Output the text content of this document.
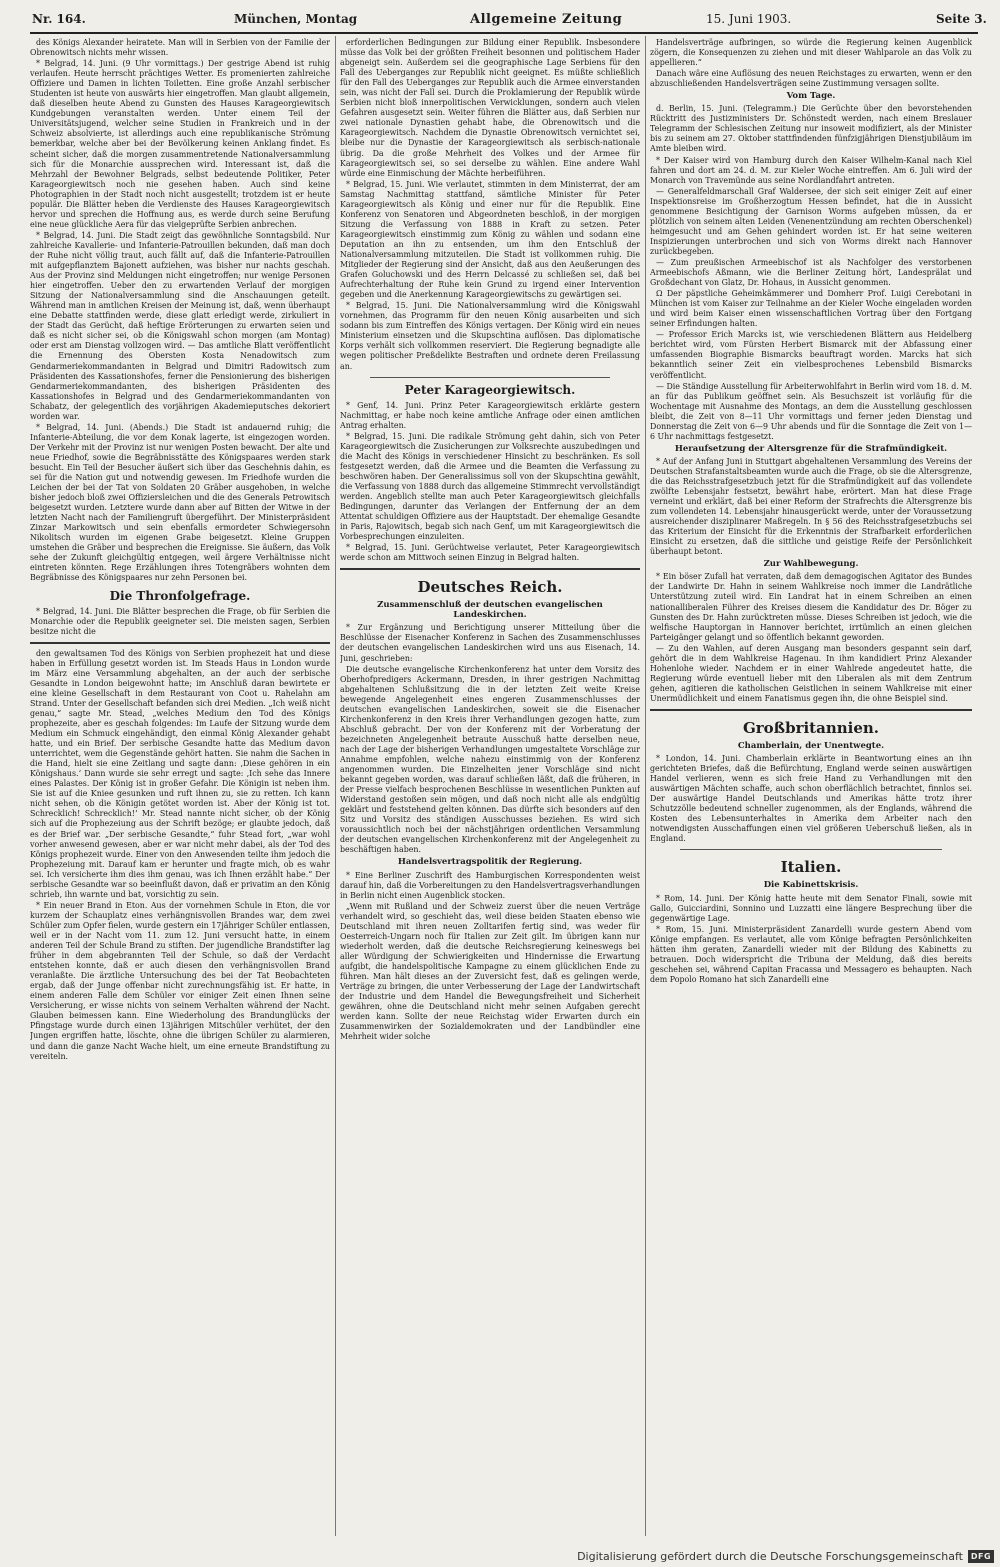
Nr. 164.	München, Montag	Allgemeine Zeitung	15. Juni 1903.	Seite 3.

des Königs Alexander heiratete. Man will in Serbien von der Familie der Obrenowitsch nichts mehr wissen.

* Belgrad, 14. Juni. (9 Uhr vormittags.) Der gestrige Abend ist ruhig verlaufen. Heute herrscht prächtiges Wetter. Es promenierten zahlreiche Offiziere und Damen in lichten Toiletten. Eine große Anzahl serbischer Studenten ist heute von auswärts hier eingetroffen. Man glaubt allgemein, daß dieselben heute Abend zu Gunsten des Hauses Karageorgiewitsch Kundgebungen veranstalten werden. Unter einem Teil der Universitätsjugend, welcher seine Studien in Frankreich und in der Schweiz absolvierte, ist allerdings auch eine republikanische Strömung bemerkbar, welche aber bei der Bevölkerung keinen Anklang findet. Es scheint sicher, daß die morgen zusammentretende Nationalversammlung sich für die Monarchie aussprechen wird. Interessant ist, daß die Mehrzahl der Bewohner Belgrads, selbst bedeutende Politiker, Peter Karageorgiewitsch noch nie gesehen haben. Auch sind keine Photographien in der Stadt noch nicht ausgestellt; trotzdem ist er heute populär. Die Blätter heben die Verdienste des Hauses Karageorgiewitsch hervor und sprechen die Hoffnung aus, es werde durch seine Berufung eine neue glückliche Aera für das vielgeprüfte Serbien anbrechen.

* Belgrad, 14. Juni. Die Stadt zeigt das gewöhnliche Sonntagsbild. Nur zahlreiche Kavallerie- und Infanterie-Patrouillen bekunden, daß man doch der Ruhe nicht völlig traut, auch fällt auf, daß die Infanterie-Patrouillen mit aufgepflanztem Bajonett aufziehen, was bisher nur nachts geschah. Aus der Provinz sind Meldungen nicht eingetroffen; nur wenige Personen hier eingetroffen. Ueber den zu erwartenden Verlauf der morgigen Sitzung der Nationalversammlung sind die Anschauungen geteilt. Während man in amtlichen Kreisen der Meinung ist, daß, wenn überhaupt eine Debatte stattfinden werde, diese glatt erledigt werde, zirkuliert in der Stadt das Gerücht, daß heftige Erörterungen zu erwarten seien und daß es nicht sicher sei, ob die Königswahl schon morgen (am Montag) oder erst am Dienstag vollzogen wird. — Das amtliche Blatt veröffentlicht die Ernennung des Obersten Kosta Nenadowitsch zum Gendarmeriekommandanten in Belgrad und Dimitri Radowitsch zum Präsidenten des Kassationshofes, ferner die Pensionierung des bisherigen Gendarmeriekommandanten, des bisherigen Präsidenten des Kassationshofes in Belgrad und des Gendarmeriekommandanten von Schabatz, der gelegentlich des vorjährigen Akademieputsches dekoriert worden war.

* Belgrad, 14. Juni. (Abends.) Die Stadt ist andauernd ruhig; die Infanterie-Abteilung, die vor dem Konak lagerte, ist eingezogen worden. Der Verkehr mit der Provinz ist nur wenigen Posten bewacht. Der alte und neue Friedhof, sowie die Begräbnisstätte des Königspaares werden stark besucht. Ein Teil der Besucher äußert sich über das Geschehnis dahin, es sei für die Nation gut und notwendig gewesen. Im Friedhofe wurden die Leichen der bei der Tat von Soldaten 20 Gräber ausgehoben, in welche bisher jedoch bloß zwei Offiziersleichen und die des Generals Petrowitsch beigesetzt wurden. Letztere wurde dann aber auf Bitten der Witwe in der letzten Nacht nach der Familiengruft übergeführt. Der Ministerpräsident Zinzar Markowitsch und sein ebenfalls ermordeter Schwiegersohn Nikolitsch wurden im eigenen Grabe beigesetzt. Kleine Gruppen umstehen die Gräber und besprechen die Ereignisse. Sie äußern, das Volk sehe der Zukunft gleichgültig entgegen, weil ärgere Verhältnisse nicht eintreten könnten. Rege Erzählungen ihres Totengräbers wohnten dem Begräbnisse des Königspaares nur zehn Personen bei.

Die Thronfolgefrage.

* Belgrad, 14. Juni. Die Blätter besprechen die Frage, ob für Serbien die Monarchie oder die Republik geeigneter sei. Die meisten sagen, Serbien besitze nicht die

den gewaltsamen Tod des Königs von Serbien prophezeit hat und diese haben in Erfüllung gesetzt worden ist. Im Steads Haus in London wurde im März eine Versammlung abgehalten, an der auch der serbische Gesandte in London beigewohnt hatte; im Anschluß daran bewirtete er eine kleine Gesellschaft in dem Restaurant von Coot u. Rahelahn am Strand. Unter der Gesellschaft befanden sich drei Medien. „Ich weiß nicht genau,“ sagte Mr. Stead, „welches Medium den Tod des Königs prophezeite, aber es geschah folgendes: Im Laufe der Sitzung wurde dem Medium ein Schmuck eingehändigt, den einmal König Alexander gehabt hatte, und ein Brief. Der serbische Gesandte hatte das Medium davon unterrichtet, wem die Gegenstände gehört hatten. Sie nahm die Sachen in die Hand, hielt sie eine Zeitlang und sagte dann: ‚Diese gehören in ein Königshaus.‘ Dann wurde sie sehr erregt und sagte: ‚Ich sehe das Innere eines Palastes. Der König ist in großer Gefahr. Die Königin ist neben ihm. Sie ist auf die Kniee gesunken und ruft ihnen zu, sie zu retten. Ich kann nicht sehen, ob die Königin getötet worden ist. Aber der König ist tot. Schrecklich! Schrecklich!‘ Mr. Stead nannte nicht sicher, ob der König sich auf die Prophezeiung aus der Schrift bezöge; er glaubte jedoch, daß es der Brief war. „Der serbische Gesandte,“ fuhr Stead fort, „war wohl vorher anwesend gewesen, aber er war nicht mehr dabei, als der Tod des Königs prophezeit wurde. Einer von den Anwesenden teilte ihm jedoch die Prophezeiung mit. Darauf kam er herunter und fragte mich, ob es wahr sei. Ich versicherte ihm dies ihm genau, was ich Ihnen erzählt habe.“ Der serbische Gesandte war so beeinflußt davon, daß er privatim an den König schrieb, ihn warnte und bat, vorsichtig zu sein.

* Ein neuer Brand in Eton. Aus der vornehmen Schule in Eton, die vor kurzem der Schauplatz eines verhängnisvollen Brandes war, dem zwei Schüler zum Opfer fielen, wurde gestern ein 17jähriger Schüler entlassen, weil er in der Nacht vom 11. zum 12. Juni versucht hatte, in einem anderen Teil der Schule Brand zu stiften. Der jugendliche Brandstifter lag früher in dem abgebrannten Teil der Schule, so daß der Verdacht entstehen konnte, daß er auch diesen den verhängnisvollen Brand veranlaßte. Die ärztliche Untersuchung des bei der Tat Beobachteten ergab, daß der Junge offenbar nicht zurechnungsfähig ist. Er hatte, in einem anderen Falle dem Schüler vor einiger Zeit einen Ihnen seine Versicherung, er wisse nichts von seinem Verhalten während der Nacht. Glauben beimessen kann. Eine Wiederholung des Brandunglücks der Pfingstage wurde durch einen 13jährigen Mitschüler verhütet, der den Jungen ergriffen hatte, löschte, ohne die übrigen Schüler zu alarmieren, und dann die ganze Nacht Wache hielt, um eine erneute Brandstiftung zu vereiteln.

erforderlichen Bedingungen zur Bildung einer Republik. Insbesondere müsse das Volk bei der größten Freiheit besonnen und politischem Hader abgeneigt sein. Außerdem sei die geographische Lage Serbiens für den Fall des Ueberganges zur Republik nicht geeignet. Es müßte schließlich für den Fall des Ueberganges zur Republik auch die Armee einverstanden sein, was nicht der Fall sei. Durch die Proklamierung der Republik würde Serbien nicht bloß innerpolitischen Verwicklungen, sondern auch vielen Gefahren ausgesetzt sein. Weiter führen die Blätter aus, daß Serbien nur zwei nationale Dynastien gehabt habe, die Obrenowitsch und die Karageorgiewitsch. Nachdem die Dynastie Obrenowitsch vernichtet sei, bleibe nur die Dynastie der Karageorgiewitsch als serbisch-nationale übrig. Da die große Mehrheit des Volkes und der Armee für Karageorgiewitsch sei, so sei derselbe zu wählen. Eine andere Wahl würde eine Einmischung der Mächte herbeiführen.

* Belgrad, 15. Juni. Wie verlautet, stimmten in dem Ministerrat, der am Samstag Nachmittag stattfand, sämtliche Minister für Peter Karageorgiewitsch als König und einer nur für die Republik. Eine Konferenz von Senatoren und Abgeordneten beschloß, in der morgigen Sitzung die Verfassung von 1888 in Kraft zu setzen. Peter Karageorgiewitsch einstimmig zum König zu wählen und sodann eine Deputation an ihn zu entsenden, um ihm den Entschluß der Nationalversammlung mitzuteilen. Die Stadt ist vollkommen ruhig. Die Mitglieder der Regierung sind der Ansicht, daß aus den Aeußerungen des Grafen Goluchowski und des Herrn Delcassé zu schließen sei, daß bei Aufrechterhaltung der Ruhe kein Grund zu irgend einer Intervention gegeben und die Anerkennung Karageorgiewitschs zu gewärtigen sei.

* Belgrad, 15. Juni. Die Nationalversammlung wird die Königswahl vornehmen, das Programm für den neuen König ausarbeiten und sich sodann bis zum Eintreffen des Königs vertagen. Der König wird ein neues Ministerium einsetzen und die Skupschtina auflösen. Das diplomatische Korps verhält sich vollkommen reserviert. Die Regierung begnadigte alle wegen politischer Preßdelikte Bestraften und ordnete deren Freilassung an.

Peter Karageorgiewitsch.

* Genf, 14. Juni. Prinz Peter Karageorgiewitsch erklärte gestern Nachmittag, er habe noch keine amtliche Anfrage oder einen amtlichen Antrag erhalten.

* Belgrad, 15. Juni. Die radikale Strömung geht dahin, sich von Peter Karageorgiewitsch die Zusicherungen zur Volksrechte auszubedingen und die Macht des Königs in verschiedener Hinsicht zu beschränken. Es soll festgesetzt werden, daß die Armee und die Beamten die Verfassung zu beschwören haben. Der Generalissimus soll von der Skupschtina gewählt, die Verfassung von 1888 durch das allgemeine Stimmrecht vervollständigt werden. Angeblich stellte man auch Peter Karageorgiewitsch gleichfalls Bedingungen, darunter das Verlangen der Entfernung der an dem Attentat schuldigen Offiziere aus der Hauptstadt. Der ehemalige Gesandte in Paris, Rajowitsch, begab sich nach Genf, um mit Karageorgiewitsch die Vorbesprechungen einzuleiten.

* Belgrad, 15. Juni. Gerüchtweise verlautet, Peter Karageorgiewitsch werde schon am Mittwoch seinen Einzug in Belgrad halten.

Deutsches Reich.
Zusammenschluß der deutschen evangelischen Landeskirchen.

* Zur Ergänzung und Berichtigung unserer Mitteilung über die Beschlüsse der Eisenacher Konferenz in Sachen des Zusammenschlusses der deutschen evangelischen Landeskirchen wird uns aus Eisenach, 14. Juni, geschrieben:

Die deutsche evangelische Kirchenkonferenz hat unter dem Vorsitz des Oberhofpredigers Ackermann, Dresden, in ihrer gestrigen Nachmittag abgehaltenen Schlußsitzung die in der letzten Zeit weite Kreise bewegende Angelegenheit eines engeren Zusammenschlusses der deutschen evangelischen Landeskirchen, soweit sie die Eisenacher Kirchenkonferenz in den Kreis ihrer Verhandlungen gezogen hatte, zum Abschluß gebracht. Der von der Konferenz mit der Vorberatung der bezeichneten Angelegenheit betraute Ausschuß hatte derselben neue, nach der Lage der bisherigen Verhandlungen umgestaltete Vorschläge zur Annahme empfohlen, welche nahezu einstimmig von der Konferenz angenommen wurden. Die Einzelheiten jener Vorschläge sind nicht bekannt gegeben worden, was darauf schließen läßt, daß die früheren, in der Presse vielfach besprochenen Beschlüsse in wesentlichen Punkten auf Widerstand gestoßen sein mögen, und daß noch nicht alle als endgültig geklärt und feststehend gelten können. Das dürfte sich besonders auf den Sitz und Vorsitz des ständigen Ausschusses beziehen. Es wird sich voraussichtlich noch bei der nächstjährigen ordentlichen Versammlung der deutschen evangelischen Kirchenkonferenz mit der Angelegenheit zu beschäftigen haben.

Handelsvertragspolitik der Regierung.

* Eine Berliner Zuschrift des Hamburgischen Korrespondenten weist darauf hin, daß die Vorbereitungen zu den Handelsvertragsverhandlungen in Berlin nicht einen Augenblick stocken.

„Wenn mit Rußland und der Schweiz zuerst über die neuen Verträge verhandelt wird, so geschieht das, weil diese beiden Staaten ebenso wie Deutschland mit ihren neuen Zolltarifen fertig sind, was weder für Oesterreich-Ungarn noch für Italien zur Zeit gilt. Im übrigen kann nur wiederholt werden, daß die deutsche Reichsregierung keineswegs bei aller Würdigung der Schwierigkeiten und Hindernisse die Erwartung aufgibt, die handelspolitische Kampagne zu einem glücklichen Ende zu führen. Man hält dieses an der Zuversicht fest, daß es gelingen werde, Verträge zu bringen, die unter Verbesserung der Lage der Landwirtschaft der Industrie und dem Handel die Bewegungsfreiheit und Sicherheit gewähren, ohne die Deutschland nicht mehr seinen Aufgaben gerecht werden kann. Sollte der neue Reichstag wider Erwarten durch ein Zusammenwirken der Sozialdemokraten und der Landbündler eine Mehrheit wider solche

Handelsverträge aufbringen, so würde die Regierung keinen Augenblick zögern, die Konsequenzen zu ziehen und mit dieser Wahlparole an das Volk zu appellieren.“

Danach wäre eine Auflösung des neuen Reichstages zu erwarten, wenn er den abzuschließenden Handelsverträgen seine Zustimmung versagen sollte.

Vom Tage.

d. Berlin, 15. Juni. (Telegramm.) Die Gerüchte über den bevorstehenden Rücktritt des Justizministers Dr. Schönstedt werden, nach einem Breslauer Telegramm der Schlesischen Zeitung nur insoweit modifiziert, als der Minister bis zu seinem am 27. Oktober stattfindenden fünfzigjährigen Dienstjubiläum im Amte bleiben wird.

* Der Kaiser wird von Hamburg durch den Kaiser Wilhelm-Kanal nach Kiel fahren und dort am 24. d. M. zur Kieler Woche eintreffen. Am 6. Juli wird der Monarch von Travemünde aus seine Nordlandfahrt antreten.

— Generalfeldmarschall Graf Waldersee, der sich seit einiger Zeit auf einer Inspektionsreise im Großherzogtum Hessen befindet, hat die in Aussicht genommene Besichtigung der Garnison Worms aufgeben müssen, da er plötzlich von seinem alten Leiden (Venenentzündung am rechten Oberschenkel) heimgesucht und am Gehen gehindert worden ist. Er hat seine weiteren Inspizierungen unterbrochen und sich von Worms direkt nach Hannover zurückbegeben.

— Zum preußischen Armeebischof ist als Nachfolger des verstorbenen Armeebischofs Aßmann, wie die Berliner Zeitung hört, Landesprälat und Großdechant von Glatz, Dr. Hohaus, in Aussicht genommen.

Ω Der päpstliche Geheimkämmerer und Domherr Prof. Luigi Cerebotani in München ist vom Kaiser zur Teilnahme an der Kieler Woche eingeladen worden und wird beim Kaiser einen wissenschaftlichen Vortrag über den Fortgang seiner Erfindungen halten.

— Professor Erich Marcks ist, wie verschiedenen Blättern aus Heidelberg berichtet wird, vom Fürsten Herbert Bismarck mit der Abfassung einer umfassenden Biographie Bismarcks beauftragt worden. Marcks hat sich bekanntlich seiner Zeit ein vielbesprochenes Lebensbild Bismarcks veröffentlicht.

— Die Ständige Ausstellung für Arbeiterwohlfahrt in Berlin wird vom 18. d. M. an für das Publikum geöffnet sein. Als Besuchszeit ist vorläufig für die Wochentage mit Ausnahme des Montags, an dem die Ausstellung geschlossen bleibt, die Zeit von 8—11 Uhr vormittags und ferner jeden Dienstag und Donnerstag die Zeit von 6—9 Uhr abends und für die Sonntage die Zeit von 1—6 Uhr nachmittags festgesetzt.

Heraufsetzung der Altersgrenze für die Strafmündigkeit.

* Auf der Anfang Juni in Stuttgart abgehaltenen Versammlung des Vereins der Deutschen Strafanstaltsbeamten wurde auch die Frage, ob sie die Altersgrenze, die das Reichsstrafgesetzbuch jetzt für die Strafmündigkeit auf das vollendete zwölfte Lebensjahr festsetzt, bewährt habe, erörtert. Man hat diese Frage verneint und erklärt, daß bei einer Reform der Strafrechts die Altersgrenze bis zum vollendeten 14. Lebensjahr hinausgerückt werde, unter der Voraussetzung ausreichender disziplinarer Maßregeln. In § 56 des Reichsstrafgesetzbuchs sei das Kriterium der Einsicht für die Erkenntnis der Strafbarkeit erforderlichen Einsicht zu ersetzen, daß die sittliche und geistige Reife der Persönlichkeit überhaupt betont.

Zur Wahlbewegung.

* Ein böser Zufall hat verraten, daß dem demagogischen Agitator des Bundes der Landwirte Dr. Hahn in seinem Wahlkreise noch immer die Landrätliche Unterstützung zuteil wird. Ein Landrat hat in einem Schreiben an einen nationalliberalen Führer des Kreises diesem die Kandidatur des Dr. Böger zu Gunsten des Dr. Hahn zurücktreten müsse. Dieses Schreiben ist jedoch, wie die welfische Hauptorgan in Hannover berichtet, irrtümlich an einen gleichen Parteigänger gelangt und so öffentlich bekannt geworden.

— Zu den Wahlen, auf deren Ausgang man besonders gespannt sein darf, gehört die in dem Wahlkreise Hagenau. In ihm kandidiert Prinz Alexander Hohenlohe wieder. Nachdem er in einer Wahlrede angedeutet hatte, die Regierung würde eventuell lieber mit den Liberalen als mit dem Zentrum gehen, agitieren die katholischen Geistlichen in seinem Wahlkreise mit einer Unermüdlichkeit und einem Fanatismus gegen ihn, die ohne Beispiel sind.

Großbritannien.
Chamberlain, der Unentwegte.

* London, 14. Juni. Chamberlain erklärte in Beantwortung eines an ihn gerichteten Briefes, daß die Befürchtung, England werde seinen auswärtigen Handel verlieren, wenn es sich freie Hand zu Verhandlungen mit den auswärtigen Mächten schaffe, auch schon oberflächlich betrachtet, finnlos sei. Der auswärtige Handel Deutschlands und Amerikas hätte trotz ihrer Schutzzölle bedeutend schneller zugenommen, als der Englands, während die Kosten des Lebensunterhaltes in Amerika dem Arbeiter nach den notwendigsten Ausschaffungen einen viel größeren Ueberschuß ließen, als in England.

Italien.
Die Kabinettskrisis.

* Rom, 14. Juni. Der König hatte heute mit dem Senator Finali, sowie mit Gallo, Guicciardini, Sonnino und Luzzatti eine längere Besprechung über die gegenwärtige Lage.

* Rom, 15. Juni. Ministerpräsident Zanardelli wurde gestern Abend vom Könige empfangen. Es verlautet, alle vom Könige befragten Persönlichkeiten hätten ihm geraten, Zanardelli wieder mit der Bildung des Kabinetts zu betrauen. Doch widerspricht die Tribuna der Meldung, daß dies bereits geschehen sei, während Capitan Fracassa und Messagero es behaupten. Nach dem Popolo Romano hat sich Zanardelli eine

Digitalisierung gefördert durch die Deutsche Forschungsgemeinschaft DFG
